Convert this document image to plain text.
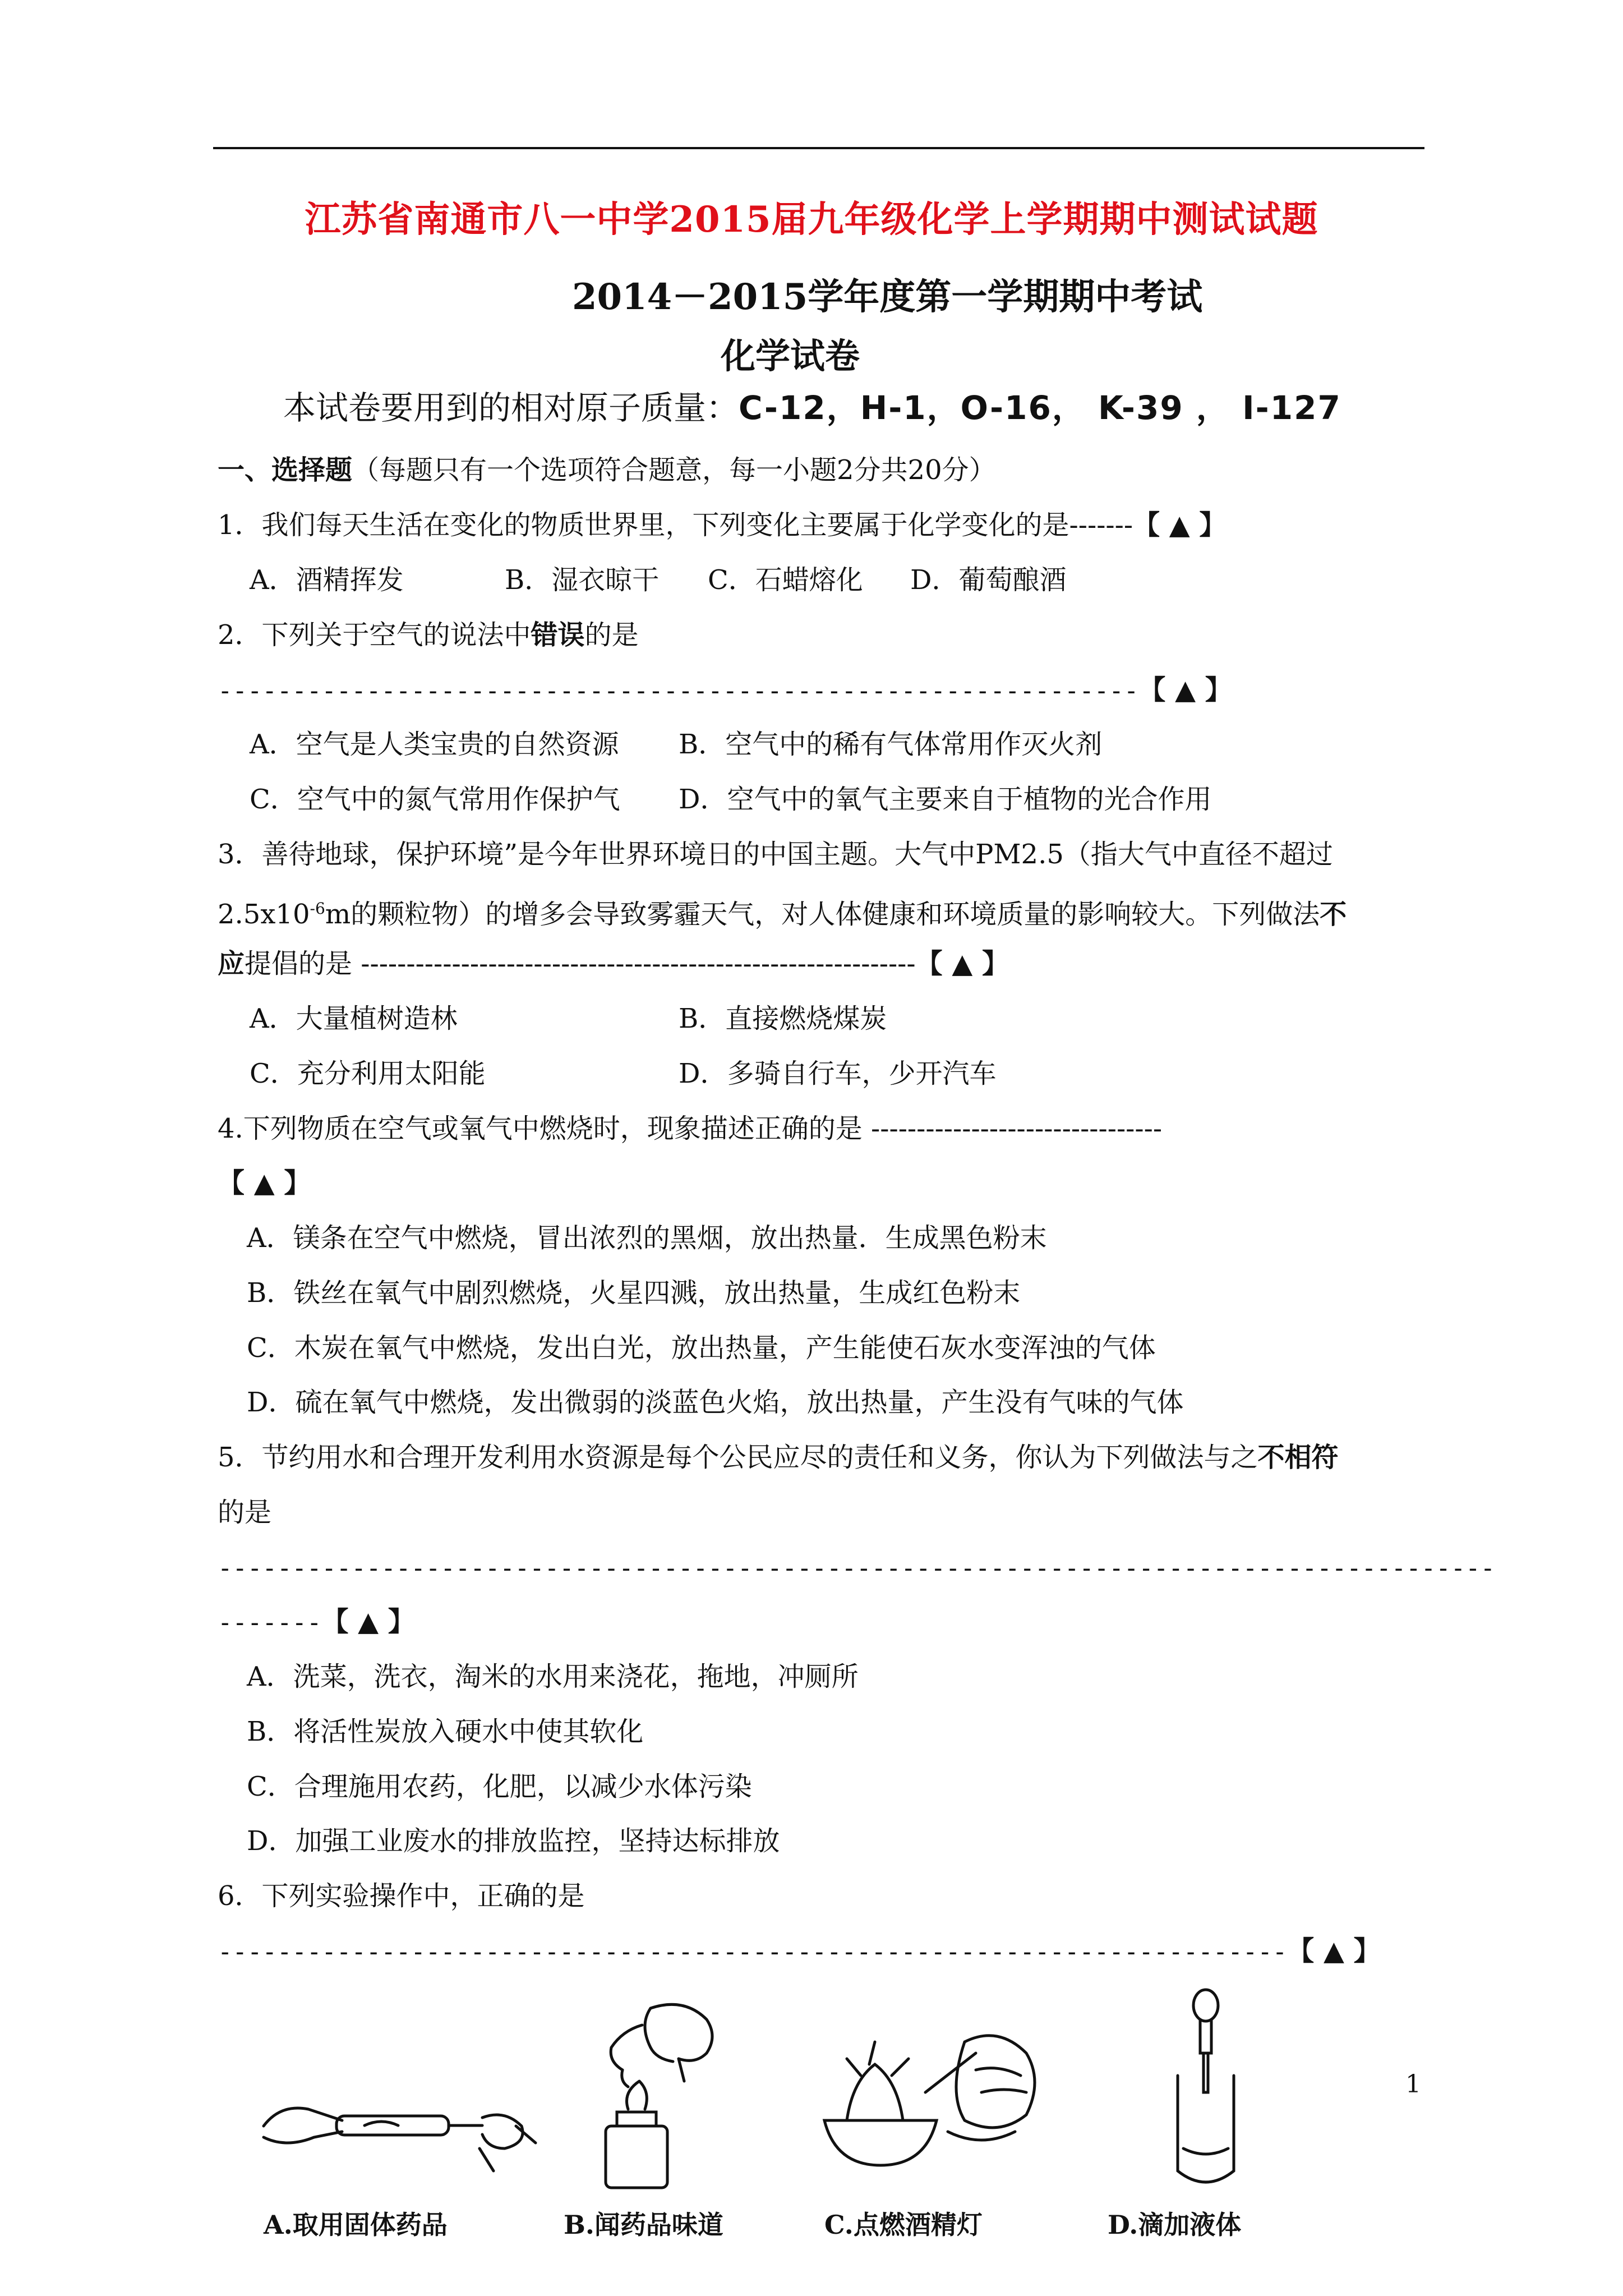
江苏省南通市八一中学2015届九年级化学上学期期中测试试题
2014－2015学年度第一学期期中考试
化学试卷
本试卷要用到的相对原子质量：C-12，H-1，O-16， K-39 ， I-127
一、选择题（每题只有一个选项符合题意，每一小题2分共20分）
1．我们每天生活在变化的物质世界里，下列变化主要属于化学变化的是-------【 ▲ 】
A．酒精挥发	B．湿衣晾干 C．石蜡熔化 D．葡萄酿酒
2．下列关于空气的说法中错误的是
--------------------------------------------------------------【 ▲ 】
A．空气是人类宝贵的自然资源 B．空气中的稀有气体常用作灭火剂
C．空气中的氮气常用作保护气 D．空气中的氧气主要来自于植物的光合作用
3．善待地球，保护环境”是今年世界环境日的中国主题。大气中PM2.5（指大气中直径不超过
$2.5x10^{-6}m$的颗粒物）的增多会导致雾霾天气，对人体健康和环境质量的影响较大。下列做法不
应提倡的是 -------------------------------------------------------------【 ▲ 】
A．大量植树造林	B．直接燃烧煤炭
C．充分利用太阳能	D．多骑自行车，少开汽车
4.下列物质在空气或氧气中燃烧时，现象描述正确的是 --------------------------------
【 ▲ 】
A．镁条在空气中燃烧，冒出浓烈的黑烟，放出热量．生成黑色粉末
B．铁丝在氧气中剧烈燃烧，火星四溅，放出热量，生成红色粉末
C．木炭在氧气中燃烧，发出白光，放出热量，产生能使石灰水变浑浊的气体
D．硫在氧气中燃烧，发出微弱的淡蓝色火焰，放出热量，产生没有气味的气体
5．节约用水和合理开发利用水资源是每个公民应尽的责任和义务，你认为下列做法与之不相符
的是
--------------------------------------------------------------------------------------
-------【 ▲ 】
A．洗菜，洗衣，淘米的水用来浇花，拖地，冲厕所
B．将活性炭放入硬水中使其软化
C．合理施用农药，化肥，以减少水体污染
D．加强工业废水的排放监控，坚持达标排放
6．下列实验操作中，正确的是
------------------------------------------------------------------------【 ▲ 】
A.取用固体药品	B.闻药品味道	C.点燃酒精灯	D.滴加液体
1
